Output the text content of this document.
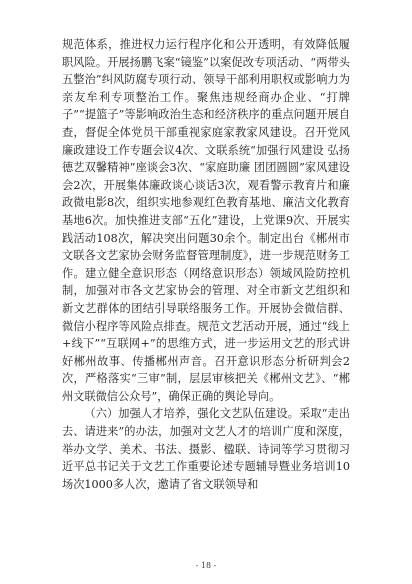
规范体系，推进权力运行程序化和公开透明，有效降低履职风险。开展扬鹏飞案“镜鉴”以案促改专项活动、“两带头五整治”纠风防腐专项行动、领导干部利用职权或影响力为亲友牟利专项整治工作。聚焦违规经商办企业、“打牌子”“提篮子”等影响政治生态和经济秩序的重点问题开展自查，督促全体党员干部重视家庭家教家风建设。召开党风廉政建设工作专题会议4次、文联系统“加强行风建设 弘扬德艺双馨精神”座谈会3次、“家庭助廉 团团圆圆”家风建设会2次，开展集体廉政谈心谈话3次，观看警示教育片和廉政微电影8次，组织实地参观红色教育基地、廉洁文化教育基地6次。加快推进支部“五化”建设，上党课9次、开展实践活动108次，解决突出问题30余个。制定出台《郴州市文联各文艺家协会财务监督管理制度》，进一步规范财务工作。建立健全意识形态（网络意识形态）领域风险防控机制，加强对市各文艺家协会的管理、对全市新文艺组织和新文艺群体的团结引导联络服务工作。开展协会微信群、微信小程序等风险点排查。规范文艺活动开展，通过“线上+线下”“互联网+”的思维方式，进一步运用文艺的形式讲好郴州故事、传播郴州声音。召开意识形态分析研判会2次，严格落实“三审”制，层层审核把关《郴州文艺》、“郴州文联微信公众号”，确保正确的舆论导向。

（六）加强人才培养，强化文艺队伍建设。采取“走出去、请进来”的办法，加强对文艺人才的培训广度和深度，举办文学、美术、书法、摄影、楹联、诗词等学习贯彻习近平总书记关于文艺工作重要论述专题辅导暨业务培训10场次1000多人次，邀请了省文联领导和

- 18 -
